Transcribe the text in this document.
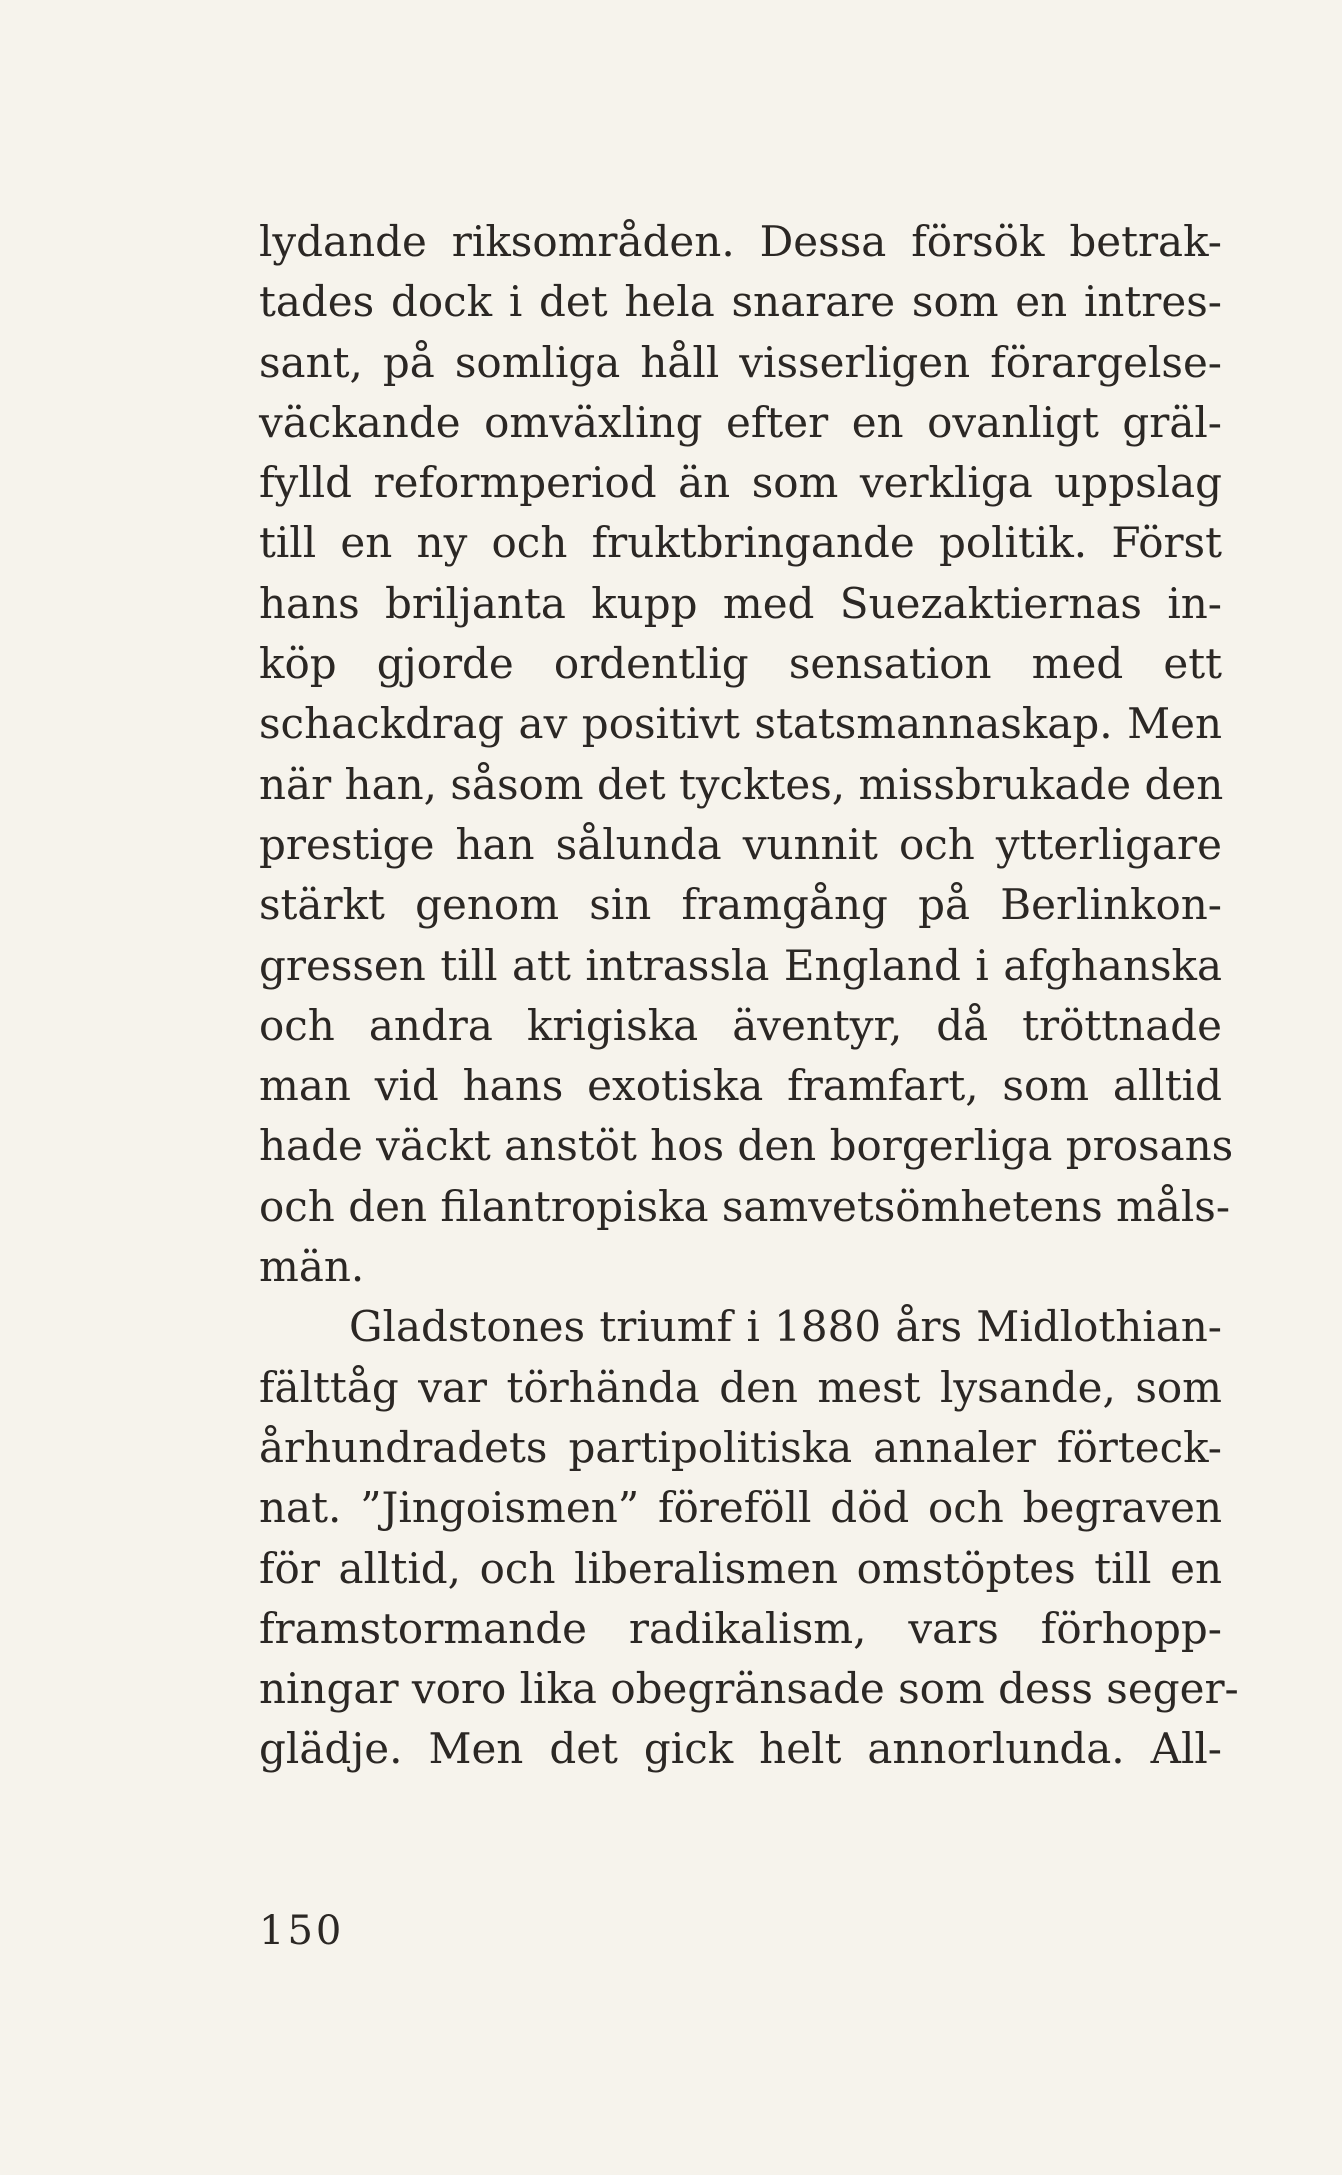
lydande riksområden. Dessa försök betrak-
tades dock i det hela snarare som en intres-
sant, på somliga håll visserligen förargelse-
väckande omväxling efter en ovanligt gräl-
fylld reformperiod än som verkliga uppslag
till en ny och fruktbringande politik. Först
hans briljanta kupp med Suezaktiernas in-
köp gjorde ordentlig sensation med ett
schackdrag av positivt statsmannaskap. Men
när han, såsom det tycktes, missbrukade den
prestige han sålunda vunnit och ytterligare
stärkt genom sin framgång på Berlinkon-
gressen till att intrassla England i afghanska
och andra krigiska äventyr, då tröttnade
man vid hans exotiska framfart, som alltid
hade väckt anstöt hos den borgerliga prosans
och den filantropiska samvetsömhetens måls-
män.
Gladstones triumf i 1880 års Midlothian-
fälttåg var törhända den mest lysande, som
århundradets partipolitiska annaler förteck-
nat. ”Jingoismen” föreföll död och begraven
för alltid, och liberalismen omstöptes till en
framstormande radikalism, vars förhopp-
ningar voro lika obegränsade som dess seger-
glädje. Men det gick helt annorlunda. All-
150
